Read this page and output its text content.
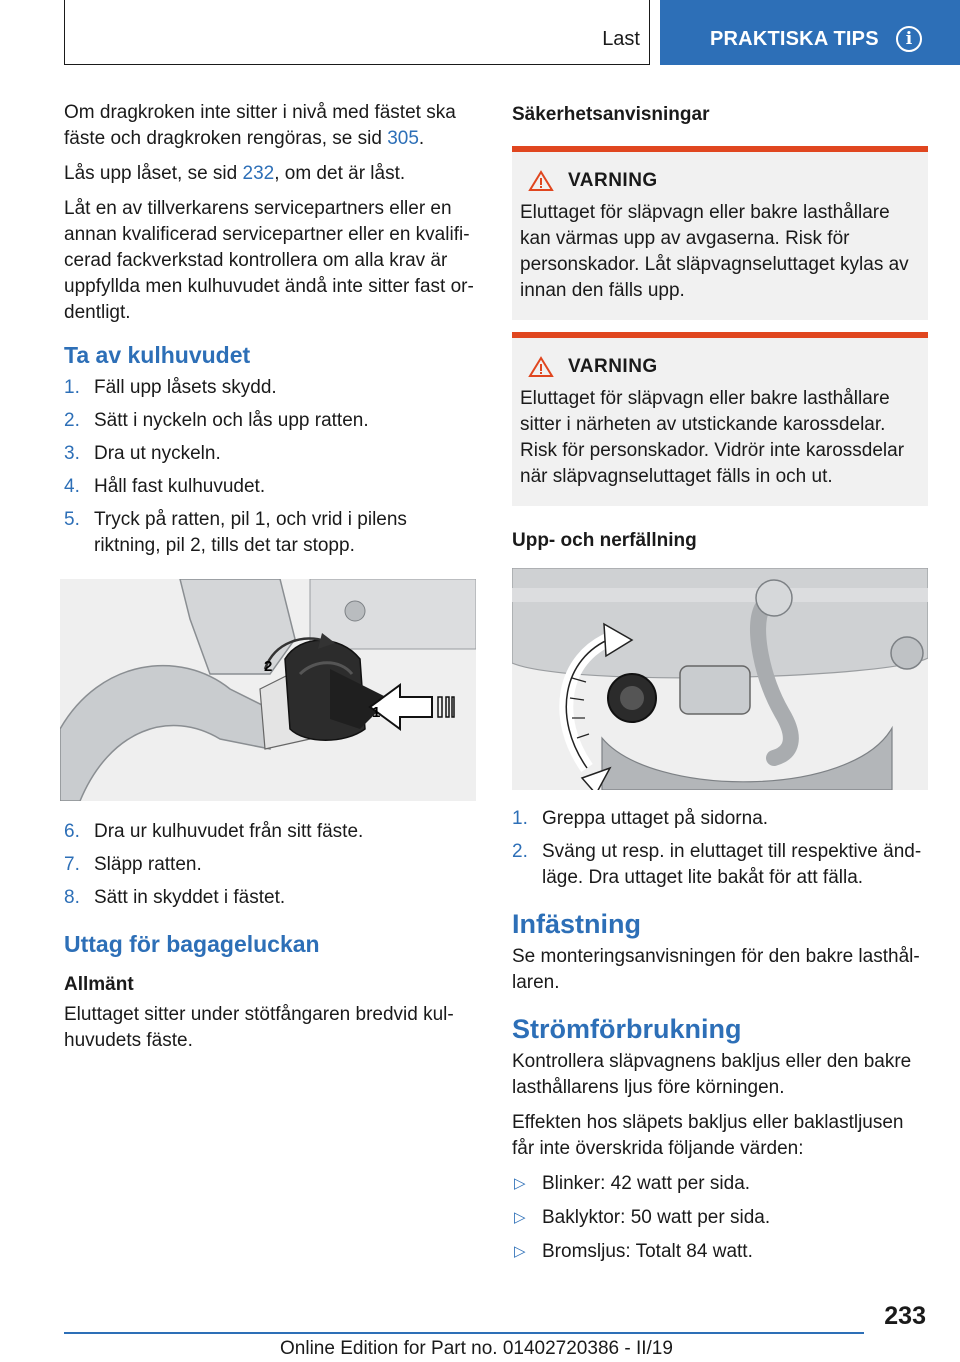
Last	PRAKTISKA TIPS	i

Om dragkroken inte sitter i nivå med fästet ska fäste och dragkroken rengöras, se sid 305.

Lås upp låset, se sid 232, om det är låst.

Låt en av tillverkarens servicepartners eller en annan kvalificerad servicepartner eller en kvalificerad fackverkstad kontrollera om alla krav är uppfyllda men kulhuvudet ändå inte sitter fast ordentligt.

Ta av kulhuvudet
1. Fäll upp låsets skydd.
2. Sätt i nyckeln och lås upp ratten.
3. Dra ut nyckeln.
4. Håll fast kulhuvudet.
5. Tryck på ratten, pil 1, och vrid i pilens riktning, pil 2, tills det tar stopp.
2
1
6. Dra ur kulhuvudet från sitt fäste.
7. Släpp ratten.
8. Sätt in skyddet i fästet.
Uttag för bagageluckan
Allmänt

Eluttaget sitter under stötfångaren bredvid kulhuvudets fäste.

Säkerhetsanvisningar
VARNING
Eluttaget för släpvagn eller bakre lasthållare kan värmas upp av avgaserna. Risk för personskador. Låt släpvagnseluttaget kylas av innan den fälls upp.
VARNING
Eluttaget för släpvagn eller bakre lasthållare sitter i närheten av utstickande karossdelar. Risk för personskador. Vidrör inte karossdelar när släpvagnseluttaget fälls in och ut.
Upp- och nerfällning
1. Greppa uttaget på sidorna.
2. Sväng ut resp. in eluttaget till respektive ändläge. Dra uttaget lite bakåt för att fälla.
Infästning

Se monteringsanvisningen för den bakre lasthållaren.

Strömförbrukning

Kontrollera släpvagnens bakljus eller den bakre lasthållarens ljus före körningen.

Effekten hos släpets bakljus eller baklastljusen får inte överskrida följande värden:

▷ Blinker: 42 watt per sida.
▷ Baklyktor: 50 watt per sida.
▷ Bromsljus: Totalt 84 watt.
233
Online Edition for Part no. 01402720386 - II/19
